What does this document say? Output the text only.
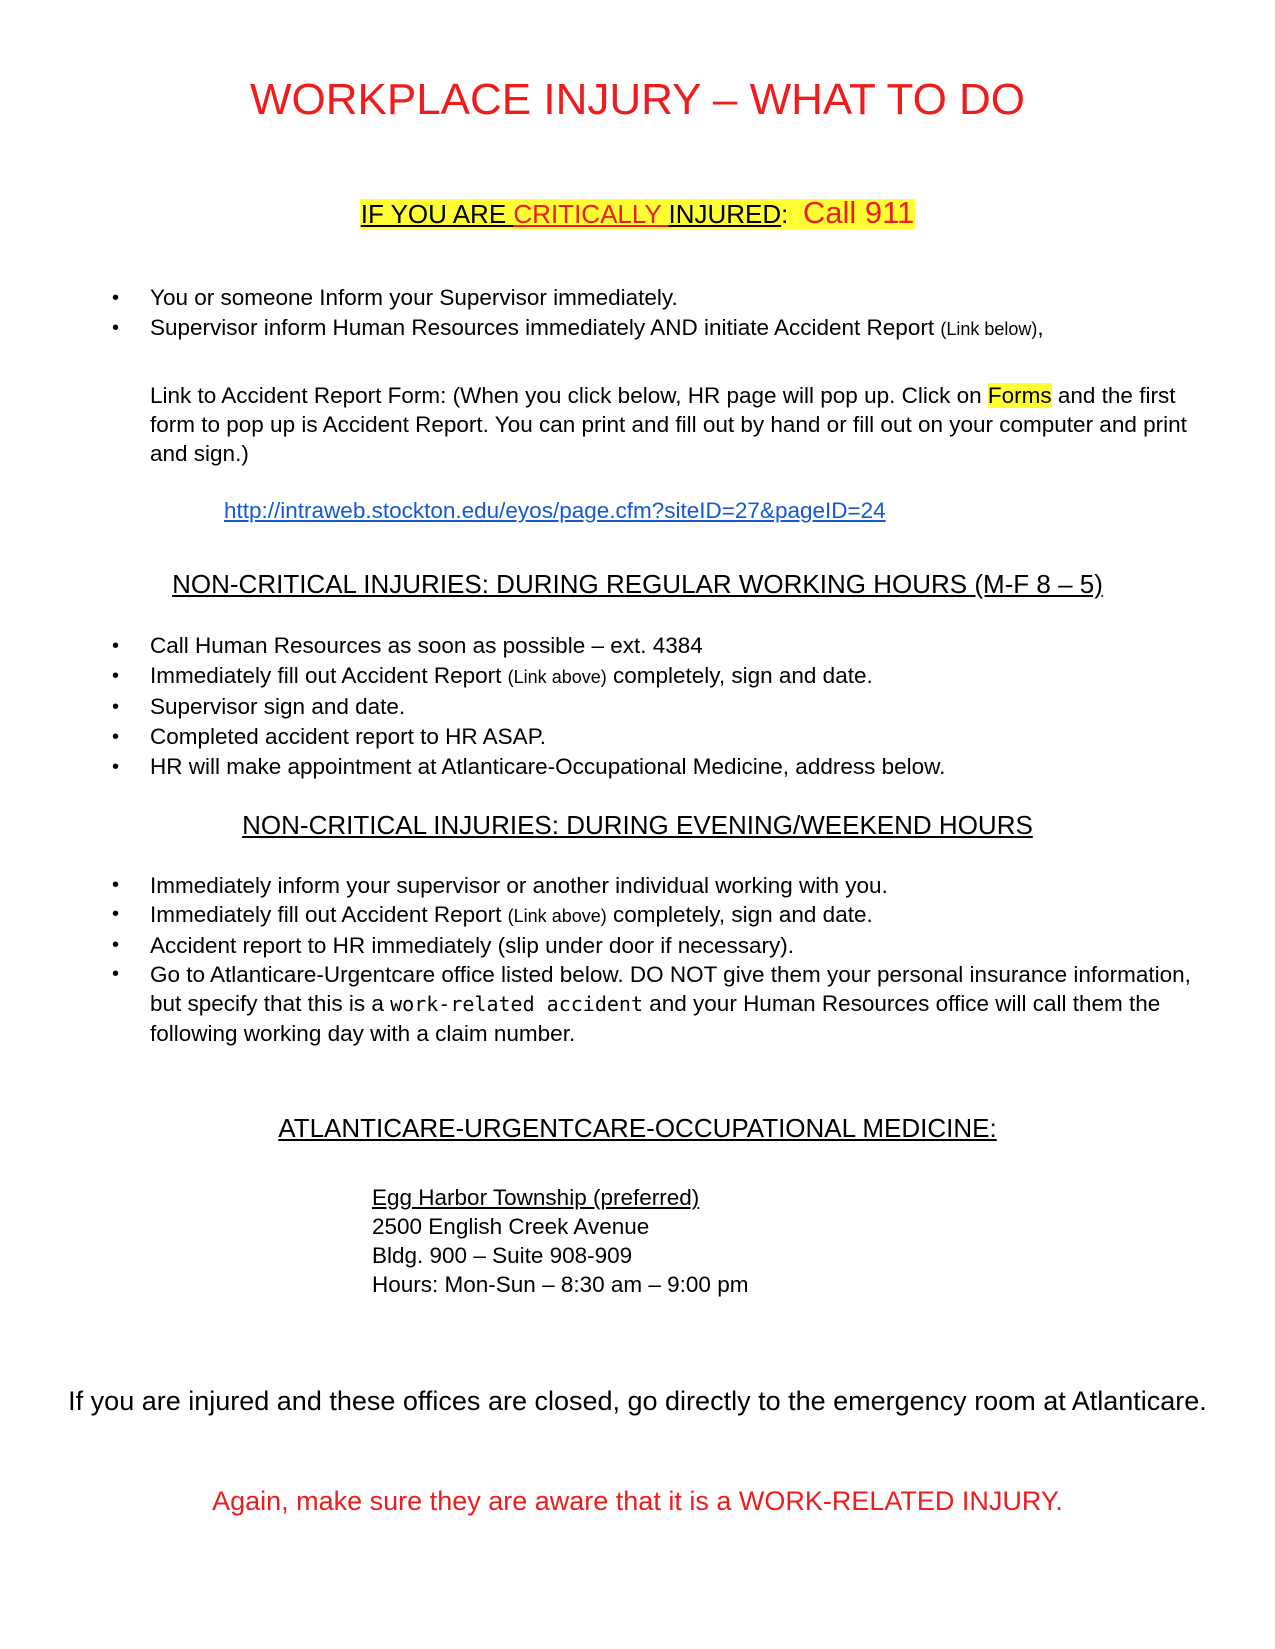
WORKPLACE INJURY – WHAT TO DO

IF YOU ARE CRITICALLY INJURED:  Call 911

• You or someone Inform your Supervisor immediately.
• Supervisor inform Human Resources immediately AND initiate Accident Report (Link below),

Link to Accident Report Form: (When you click below, HR page will pop up. Click on Forms and the first form to pop up is Accident Report. You can print and fill out by hand or fill out on your computer and print and sign.)

http://intraweb.stockton.edu/eyos/page.cfm?siteID=27&pageID=24
NON-CRITICAL INJURIES: DURING REGULAR WORKING HOURS (M-F 8 – 5)
• Call Human Resources as soon as possible – ext. 4384
• Immediately fill out Accident Report (Link above) completely, sign and date.
• Supervisor sign and date.
• Completed accident report to HR ASAP.
• HR will make appointment at Atlanticare-Occupational Medicine, address below.
NON-CRITICAL INJURIES: DURING EVENING/WEEKEND HOURS
• Immediately inform your supervisor or another individual working with you.
• Immediately fill out Accident Report (Link above) completely, sign and date.
• Accident report to HR immediately (slip under door if necessary).
• Go to Atlanticare-Urgentcare office listed below. DO NOT give them your personal insurance information, but specify that this is a work-related accident and your Human Resources office will call them the following working day with a claim number.
ATLANTICARE-URGENTCARE-OCCUPATIONAL MEDICINE:
Egg Harbor Township (preferred)
2500 English Creek Avenue
Bldg. 900 – Suite 908-909
Hours: Mon-Sun – 8:30 am – 9:00 pm

If you are injured and these offices are closed, go directly to the emergency room at Atlanticare.

Again, make sure they are aware that it is a WORK-RELATED INJURY.
